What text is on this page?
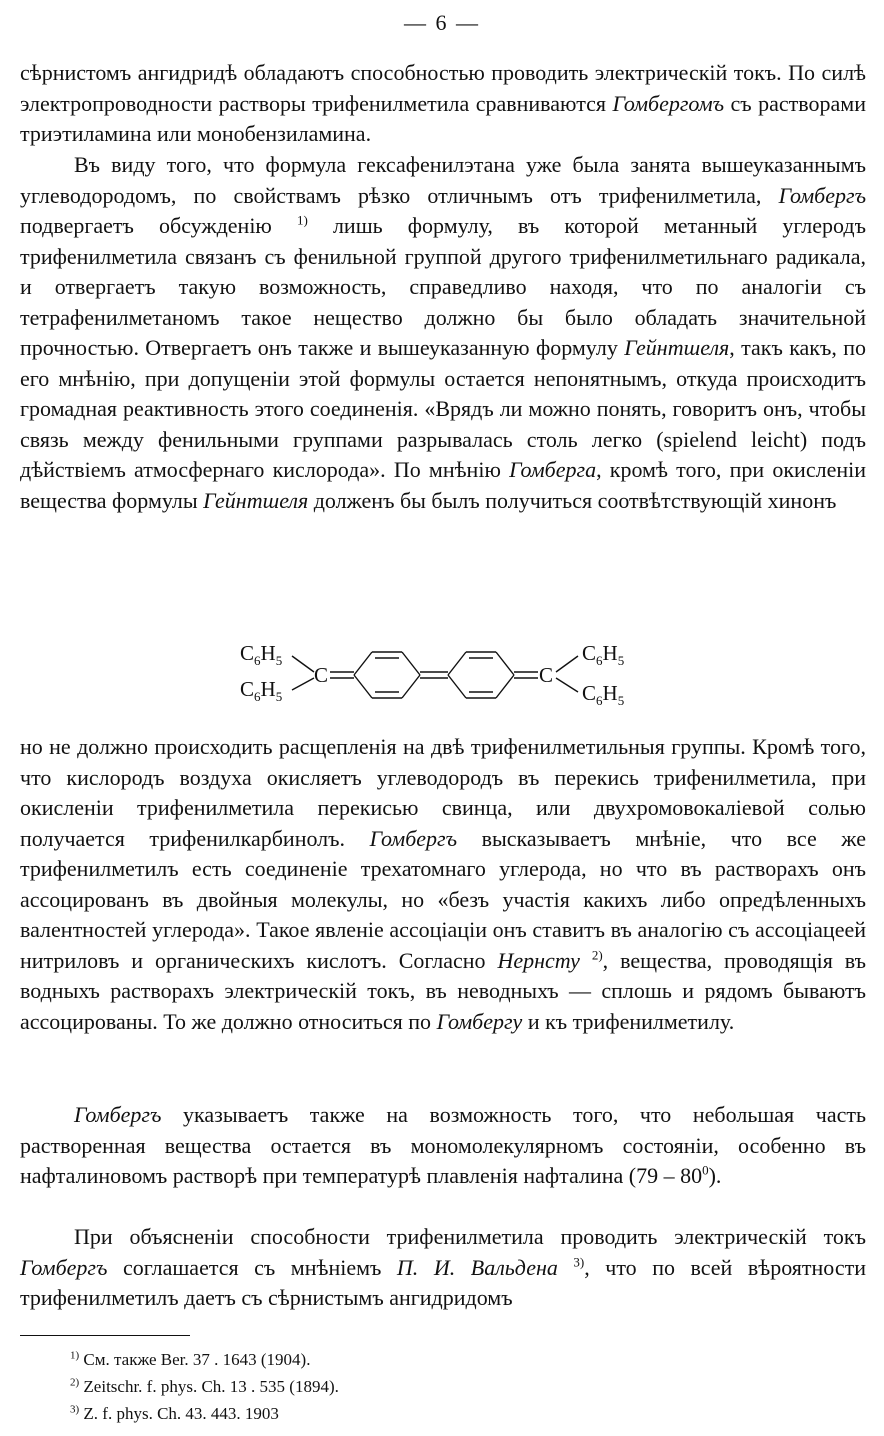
— 6 —
сѣрнистомъ ангидридѣ обладаютъ способностью проводить электрическій токъ. По силѣ электропроводности растворы трифенилметила сравниваются Гомбергомъ съ растворами триэтиламина или монобензиламина.
Въ виду того, что формула гексафенилэтана уже была занята вышеуказаннымъ углеводородомъ, по свойствамъ рѣзко отличнымъ отъ трифенилметила, Гомбергъ подвергаетъ обсужденію $^{1)}$ лишь формулу, въ которой метанный углеродъ трифенилметила связанъ съ фенильной группой другого трифенилметильнаго радикала, и отвергаетъ такую возможность, справедливо находя, что по аналогіи съ тетрафенилметаномъ такое нещество должно бы было обладать значительной прочностью. Отвергаетъ онъ также и вышеуказанную формулу Гейнтшеля, такъ какъ, по его мнѣнію, при допущеніи этой формулы остается непонятнымъ, откуда происходитъ громадная реактивность этого соединенія. «Врядъ ли можно понять, говоритъ онъ, чтобы связь между фенильными группами разрывалась столь легко (spielend leicht) подъ дѣйствіемъ атмосфернаго кислорода». По мнѣнію Гомберга, кромѣ того, при окисленіи вещества формулы Гейнтшеля долженъ бы былъ получиться соотвѣтствующій хинонъ
$C_6H_5$
$C_6H_5$
C	C
$C_6H_5$
$C_6H_5$
но не должно происходить расщепленія на двѣ трифенилметильныя группы. Кромѣ того, что кислородъ воздуха окисляетъ углеводородъ въ перекись трифенилметила, при окисленіи трифенилметила перекисью свинца, или двухромовокаліевой солью получается трифенилкарбинолъ. Гомбергъ высказываетъ мнѣніе, что все же трифенилметилъ есть соединеніе трехатомнаго углерода, но что въ растворахъ онъ ассоцированъ въ двойныя молекулы, но «безъ участія какихъ либо опредѣленныхъ валентностей углерода». Такое явленіе ассоціаціи онъ ставитъ въ аналогію съ ассоціацеей нитриловъ и органическихъ кислотъ. Согласно Нернсту $^{2)}$, вещества, проводящія въ водныхъ растворахъ электрическій токъ, въ неводныхъ — сплошь и рядомъ бываютъ ассоцированы. То же должно относиться по Гомбергу и къ трифенилметилу.
Гомбергъ указываетъ также на возможность того, что небольшая часть растворенная вещества остается въ мономолекулярномъ состояніи, особенно въ нафталиновомъ растворѣ при температурѣ плавленія нафталина $(79 - 80^0)$.
При объясненіи способности трифенилметила проводить электрическій токъ Гомбергъ соглашается съ мнѣніемъ П. И. Вальдена $^{3)}$, что по всей вѣроятности трифенилметилъ даетъ съ сѣрнистымъ ангидридомъ
$^{1)}$ См. также Ber. 37 . 1643 (1904).
$^{2)}$ Zeitschr. f. phys. Ch. 13 . 535 (1894).
$^{3)}$ Z. f. phys. Ch. 43. 443. 1903
